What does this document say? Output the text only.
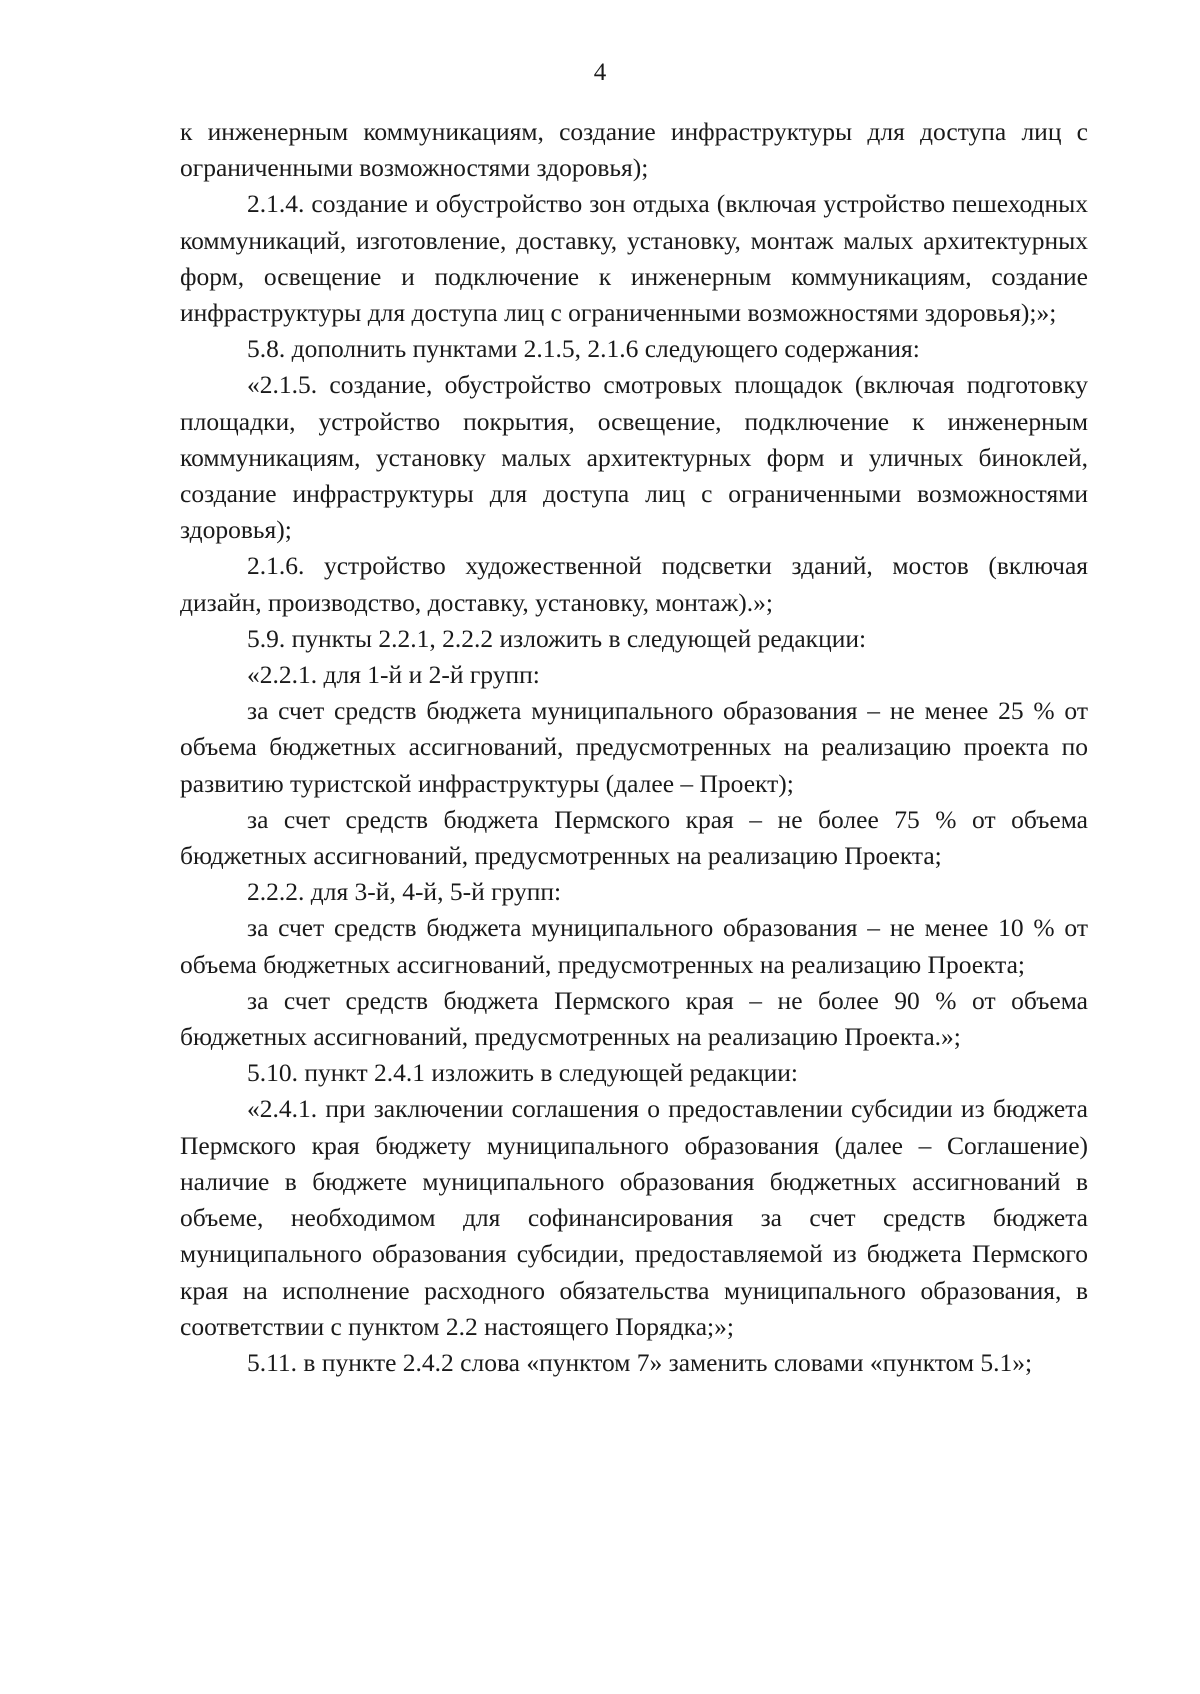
4

к инженерным коммуникациям, создание инфраструктуры для доступа лиц с ограниченными возможностями здоровья);

2.1.4. создание и обустройство зон отдыха (включая устройство пешеходных коммуникаций, изготовление, доставку, установку, монтаж малых архитектурных форм, освещение и подключение к инженерным коммуникациям, создание инфраструктуры для доступа лиц с ограниченными возможностями здоровья);»;

5.8. дополнить пунктами 2.1.5, 2.1.6 следующего содержания:

«2.1.5. создание, обустройство смотровых площадок (включая подготовку площадки, устройство покрытия, освещение, подключение к инженерным коммуникациям, установку малых архитектурных форм и уличных биноклей, создание инфраструктуры для доступа лиц с ограниченными возможностями здоровья);

2.1.6. устройство художественной подсветки зданий, мостов (включая дизайн, производство, доставку, установку, монтаж).»;

5.9. пункты 2.2.1, 2.2.2 изложить в следующей редакции:

«2.2.1. для 1-й и 2-й групп:

за счет средств бюджета муниципального образования – не менее 25 % от объема бюджетных ассигнований, предусмотренных на реализацию проекта по развитию туристской инфраструктуры (далее – Проект);

за счет средств бюджета Пермского края – не более 75 % от объема бюджетных ассигнований, предусмотренных на реализацию Проекта;

2.2.2. для 3-й, 4-й, 5-й групп:

за счет средств бюджета муниципального образования – не менее 10 % от объема бюджетных ассигнований, предусмотренных на реализацию Проекта;

за счет средств бюджета Пермского края – не более 90 % от объема бюджетных ассигнований, предусмотренных на реализацию Проекта.»;

5.10. пункт 2.4.1 изложить в следующей редакции:

«2.4.1. при заключении соглашения о предоставлении субсидии из бюджета Пермского края бюджету муниципального образования (далее – Соглашение) наличие в бюджете муниципального образования бюджетных ассигнований в объеме, необходимом для софинансирования за счет средств бюджета муниципального образования субсидии, предоставляемой из бюджета Пермского края на исполнение расходного обязательства муниципального образования, в соответствии с пунктом 2.2 настоящего Порядка;»;

5.11. в пункте 2.4.2 слова «пунктом 7» заменить словами «пунктом 5.1»;
